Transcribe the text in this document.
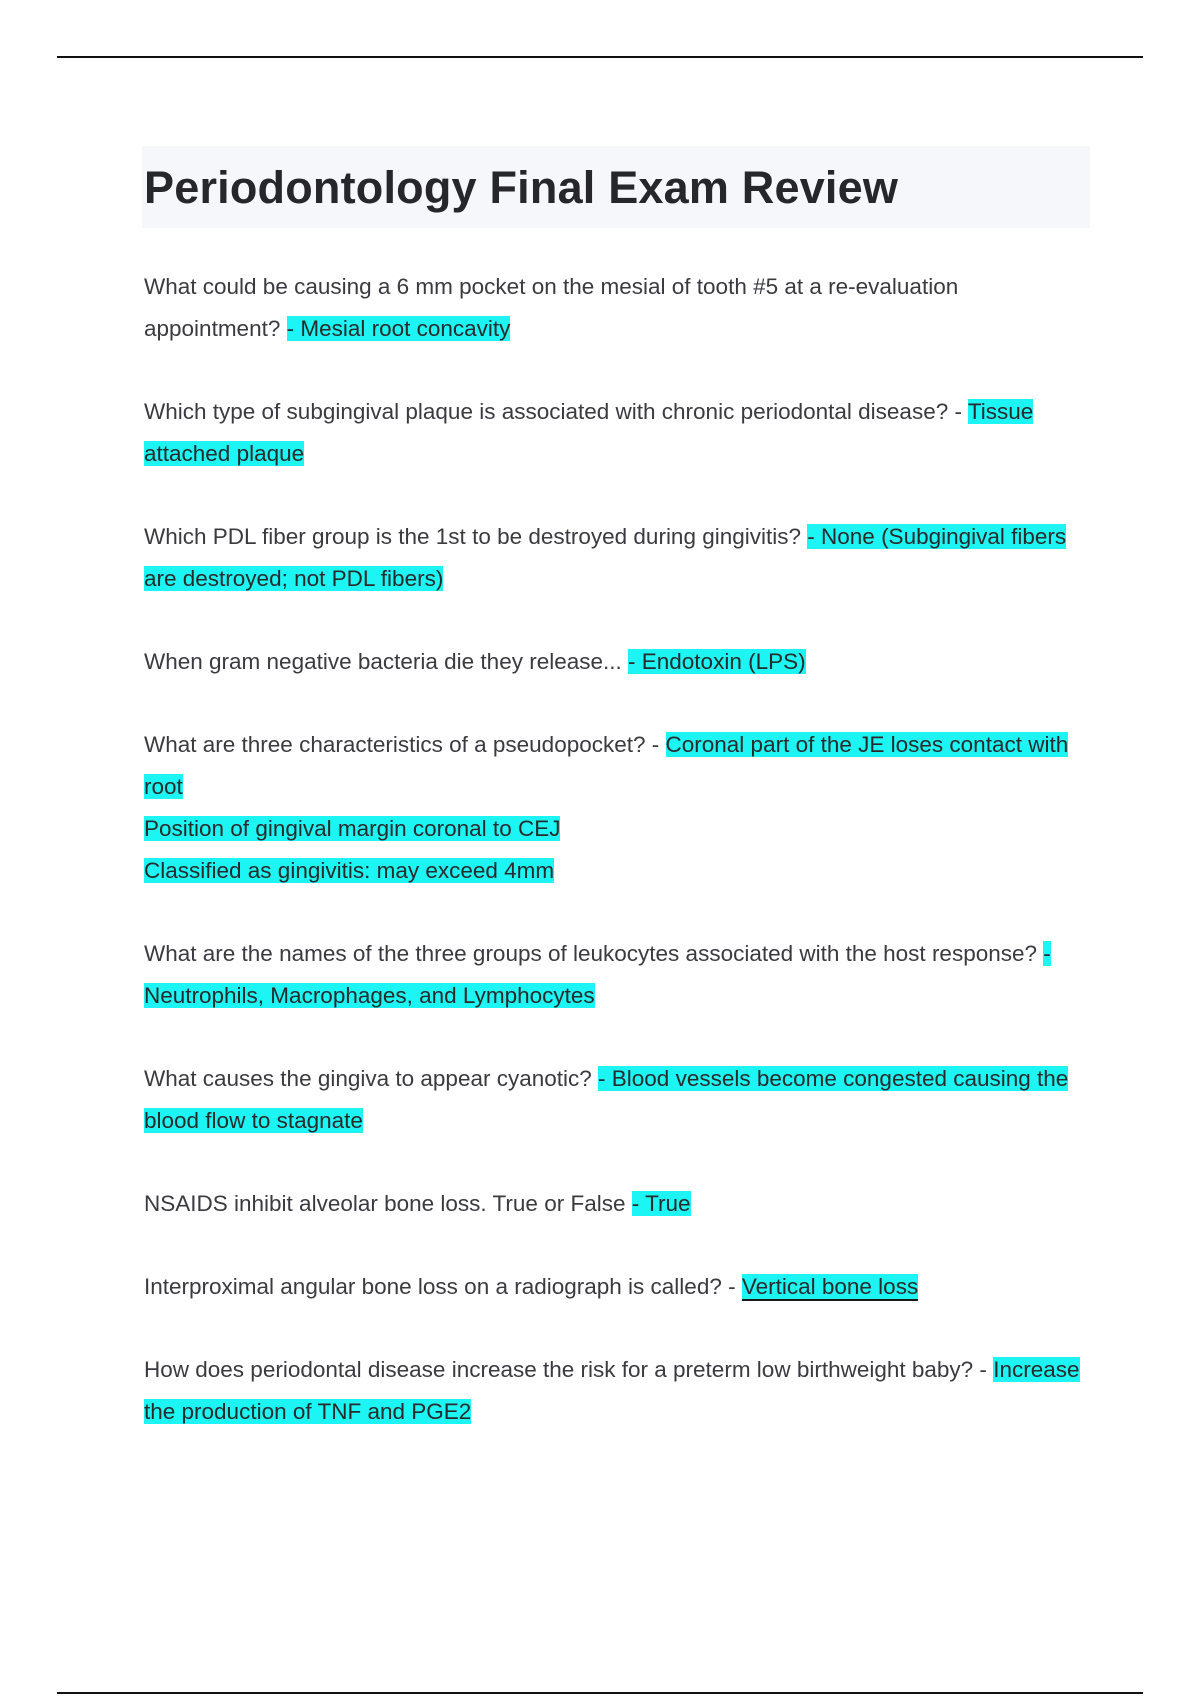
Periodontology Final Exam Review

What could be causing a 6 mm pocket on the mesial of tooth #5 at a re-evaluation appointment? - Mesial root concavity

Which type of subgingival plaque is associated with chronic periodontal disease? - Tissue attached plaque

Which PDL fiber group is the 1st to be destroyed during gingivitis? - None (Subgingival fibers are destroyed; not PDL fibers)

When gram negative bacteria die they release... - Endotoxin (LPS)

What are three characteristics of a pseudopocket? - Coronal part of the JE loses contact with root
Position of gingival margin coronal to CEJ
Classified as gingivitis: may exceed 4mm

What are the names of the three groups of leukocytes associated with the host response? - Neutrophils, Macrophages, and Lymphocytes

What causes the gingiva to appear cyanotic? - Blood vessels become congested causing the blood flow to stagnate

NSAIDS inhibit alveolar bone loss. True or False - True

Interproximal angular bone loss on a radiograph is called? - Vertical bone loss

How does periodontal disease increase the risk for a preterm low birthweight baby? - Increase the production of TNF and PGE2
